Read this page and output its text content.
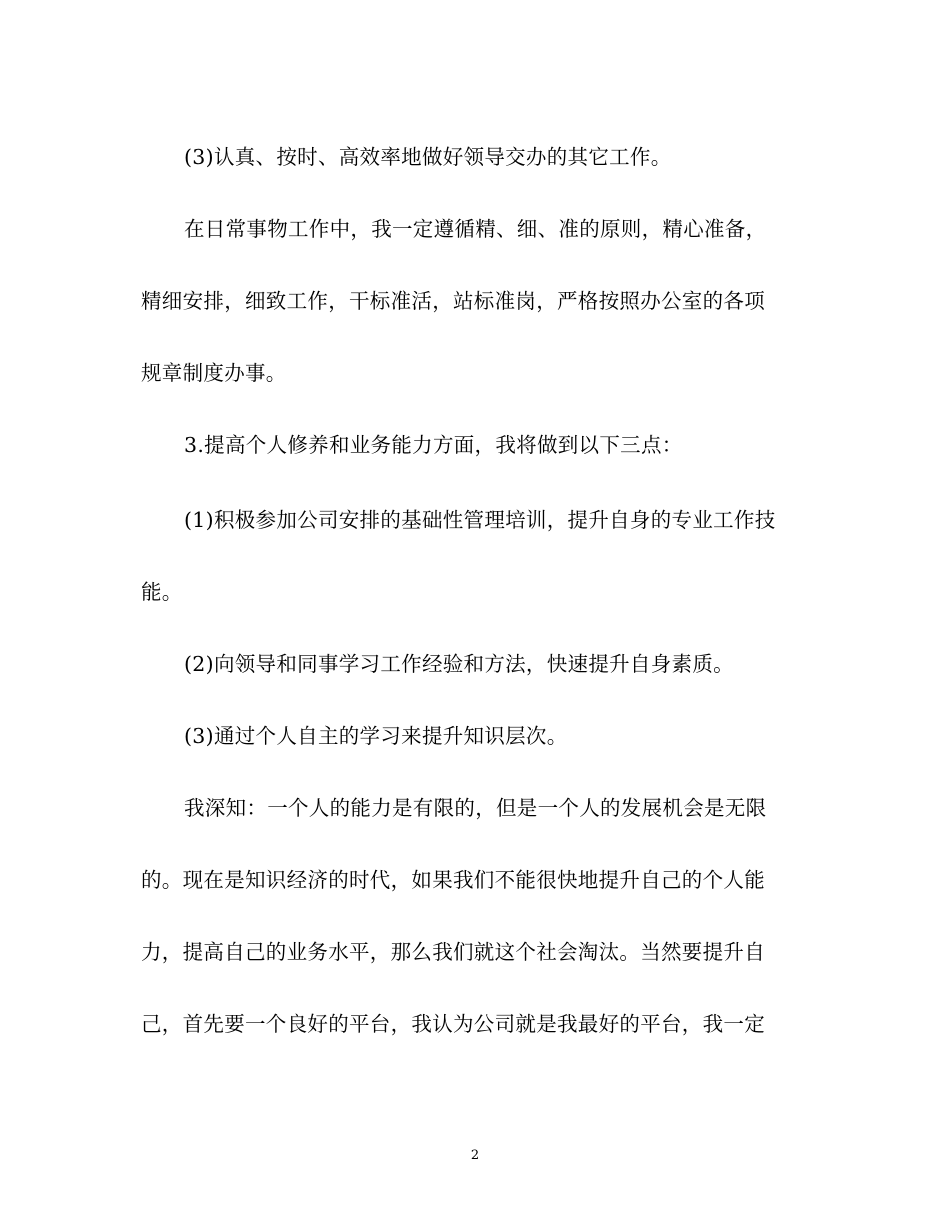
(3)认真、按时、高效率地做好领导交办的其它工作。
在日常事物工作中，我一定遵循精、细、准的原则，精心准备，
精细安排，细致工作，干标准活，站标准岗，严格按照办公室的各项
规章制度办事。
3.提高个人修养和业务能力方面，我将做到以下三点：
(1)积极参加公司安排的基础性管理培训，提升自身的专业工作技
能。
(2)向领导和同事学习工作经验和方法，快速提升自身素质。
(3)通过个人自主的学习来提升知识层次。
我深知：一个人的能力是有限的，但是一个人的发展机会是无限
的。现在是知识经济的时代，如果我们不能很快地提升自己的个人能
力，提高自己的业务水平，那么我们就这个社会淘汰。当然要提升自
己，首先要一个良好的平台，我认为公司就是我最好的平台，我一定
2
